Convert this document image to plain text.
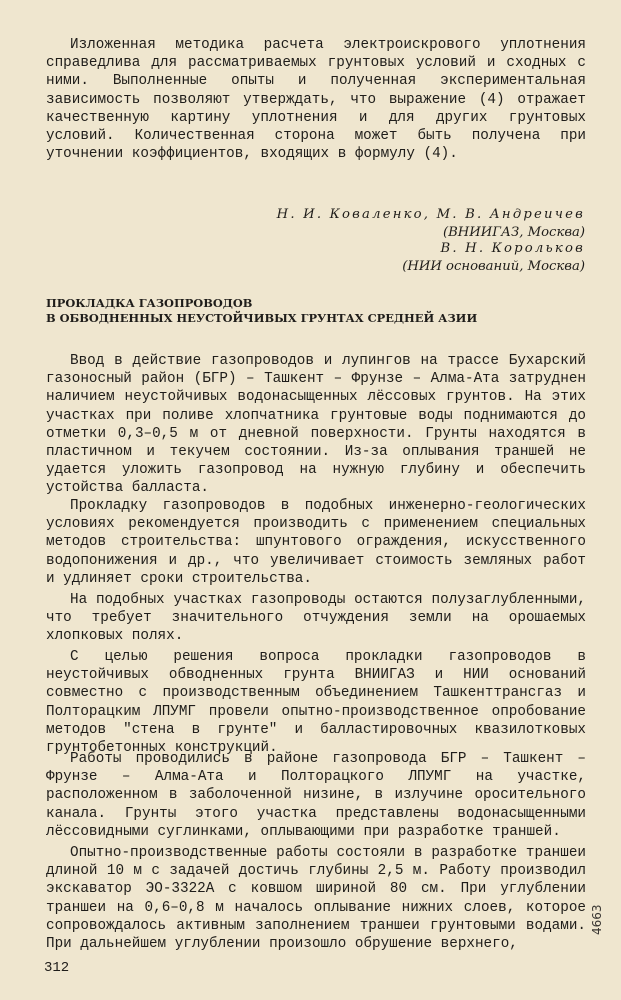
Изложенная методика расчета электроискрового уплотнения справедлива для рассматриваемых грунтовых условий и сходных с ними. Выполненные опыты и полученная экспериментальная зависимость позволяют утверждать, что выражение (4) отражает качественную картину уплотнения и для других грунтовых условий. Количественная сторона может быть получена при уточнении коэффициентов, входящих в формулу (4).

Н. И. Коваленко, М. В. Андреичев
(ВНИИГАЗ, Москва)
В. Н. Корольков
(НИИ оснований, Москва)
ПРОКЛАДКА ГАЗОПРОВОДОВ
В ОБВОДНЕННЫХ НЕУСТОЙЧИВЫХ ГРУНТАХ СРЕДНЕЙ АЗИИ

Ввод в действие газопроводов и лупингов на трассе Бухарский газоносный район (БГР) – Ташкент – Фрунзе – Алма-Ата затруднен наличием неустойчивых водонасыщенных лёссовых грунтов. На этих участках при поливе хлопчатника грунтовые воды поднимаются до отметки 0,3–0,5 м от дневной поверхности. Грунты находятся в пластичном и текучем состоянии. Из-за оплывания траншей не удается уложить газопровод на нужную глубину и обеспечить устойства балласта.

Прокладку газопроводов в подобных инженерно-геологических условиях рекомендуется производить с применением специальных методов строительства: шпунтового ограждения, искусственного водопонижения и др., что увеличивает стоимость земляных работ и удлиняет сроки строительства.

На подобных участках газопроводы остаются полузаглубленными, что требует значительного отчуждения земли на орошаемых хлопковых полях.

С целью решения вопроса прокладки газопроводов в неустойчивых обводненных грунта ВНИИГАЗ и НИИ оснований совместно с производственным объединением Ташкенттрансгаз и Полторацким ЛПУМГ провели опытно-производственное опробование методов "стена в грунте" и балластировочных квазилотковых грунтобетонных конструкций.

Работы проводились в районе газопровода БГР – Ташкент – Фрунзе – Алма-Ата и Полторацкого ЛПУМГ на участке, расположенном в заболоченной низине, в излучине оросительного канала. Грунты этого участка представлены водонасыщенными лёссовидными суглинками, оплывающими при разработке траншей.

Опытно-производственные работы состояли в разработке траншеи длиной 10 м с задачей достичь глубины 2,5 м. Работу производил экскаватор ЭО-3322А с ковшом шириной 80 см. При углублении траншеи на 0,6–0,8 м началось оплывание нижних слоев, которое сопровождалось активным заполнением траншеи грунтовыми водами. При дальнейшем углублении произошло обрушение верхнего,

312
4663
